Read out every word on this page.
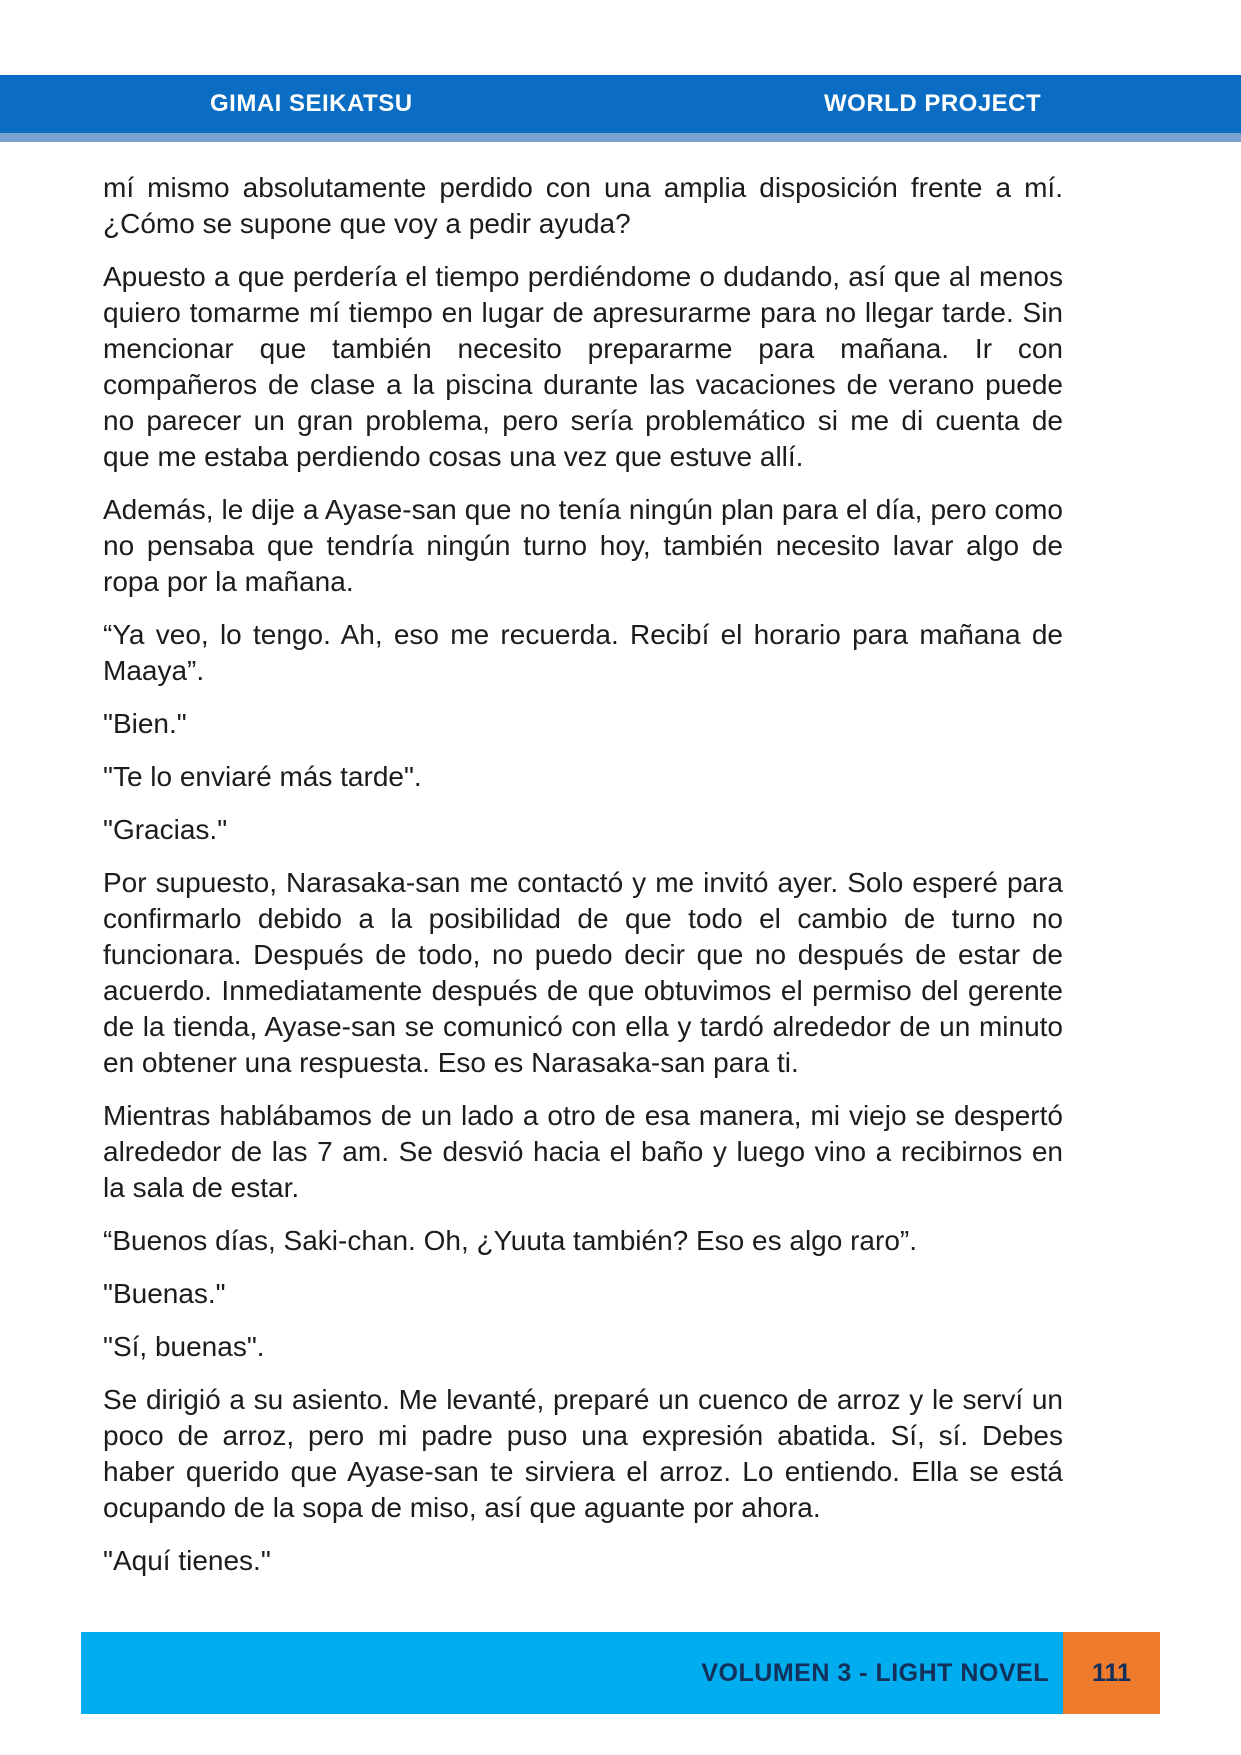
GIMAI SEIKATSU	WORLD PROJECT

mí mismo absolutamente perdido con una amplia disposición frente a mí. ¿Cómo se supone que voy a pedir ayuda?

Apuesto a que perdería el tiempo perdiéndome o dudando, así que al menos quiero tomarme mí tiempo en lugar de apresurarme para no llegar tarde. Sin mencionar que también necesito prepararme para mañana. Ir con compañeros de clase a la piscina durante las vacaciones de verano puede no parecer un gran problema, pero sería problemático si me di cuenta de que me estaba perdiendo cosas una vez que estuve allí.

Además, le dije a Ayase-san que no tenía ningún plan para el día, pero como no pensaba que tendría ningún turno hoy, también necesito lavar algo de ropa por la mañana.

“Ya veo, lo tengo. Ah, eso me recuerda. Recibí el horario para mañana de Maaya”.

"Bien."

"Te lo enviaré más tarde".

"Gracias."

Por supuesto, Narasaka-san me contactó y me invitó ayer. Solo esperé para confirmarlo debido a la posibilidad de que todo el cambio de turno no funcionara. Después de todo, no puedo decir que no después de estar de acuerdo. Inmediatamente después de que obtuvimos el permiso del gerente de la tienda, Ayase-san se comunicó con ella y tardó alrededor de un minuto en obtener una respuesta. Eso es Narasaka-san para ti.

Mientras hablábamos de un lado a otro de esa manera, mi viejo se despertó alrededor de las 7 am. Se desvió hacia el baño y luego vino a recibirnos en la sala de estar.

“Buenos días, Saki-chan. Oh, ¿Yuuta también? Eso es algo raro”.

"Buenas."

"Sí, buenas".

Se dirigió a su asiento. Me levanté, preparé un cuenco de arroz y le serví un poco de arroz, pero mi padre puso una expresión abatida. Sí, sí. Debes haber querido que Ayase-san te sirviera el arroz. Lo entiendo. Ella se está ocupando de la sopa de miso, así que aguante por ahora.

"Aquí tienes."

VOLUMEN 3 - LIGHT NOVEL	111
